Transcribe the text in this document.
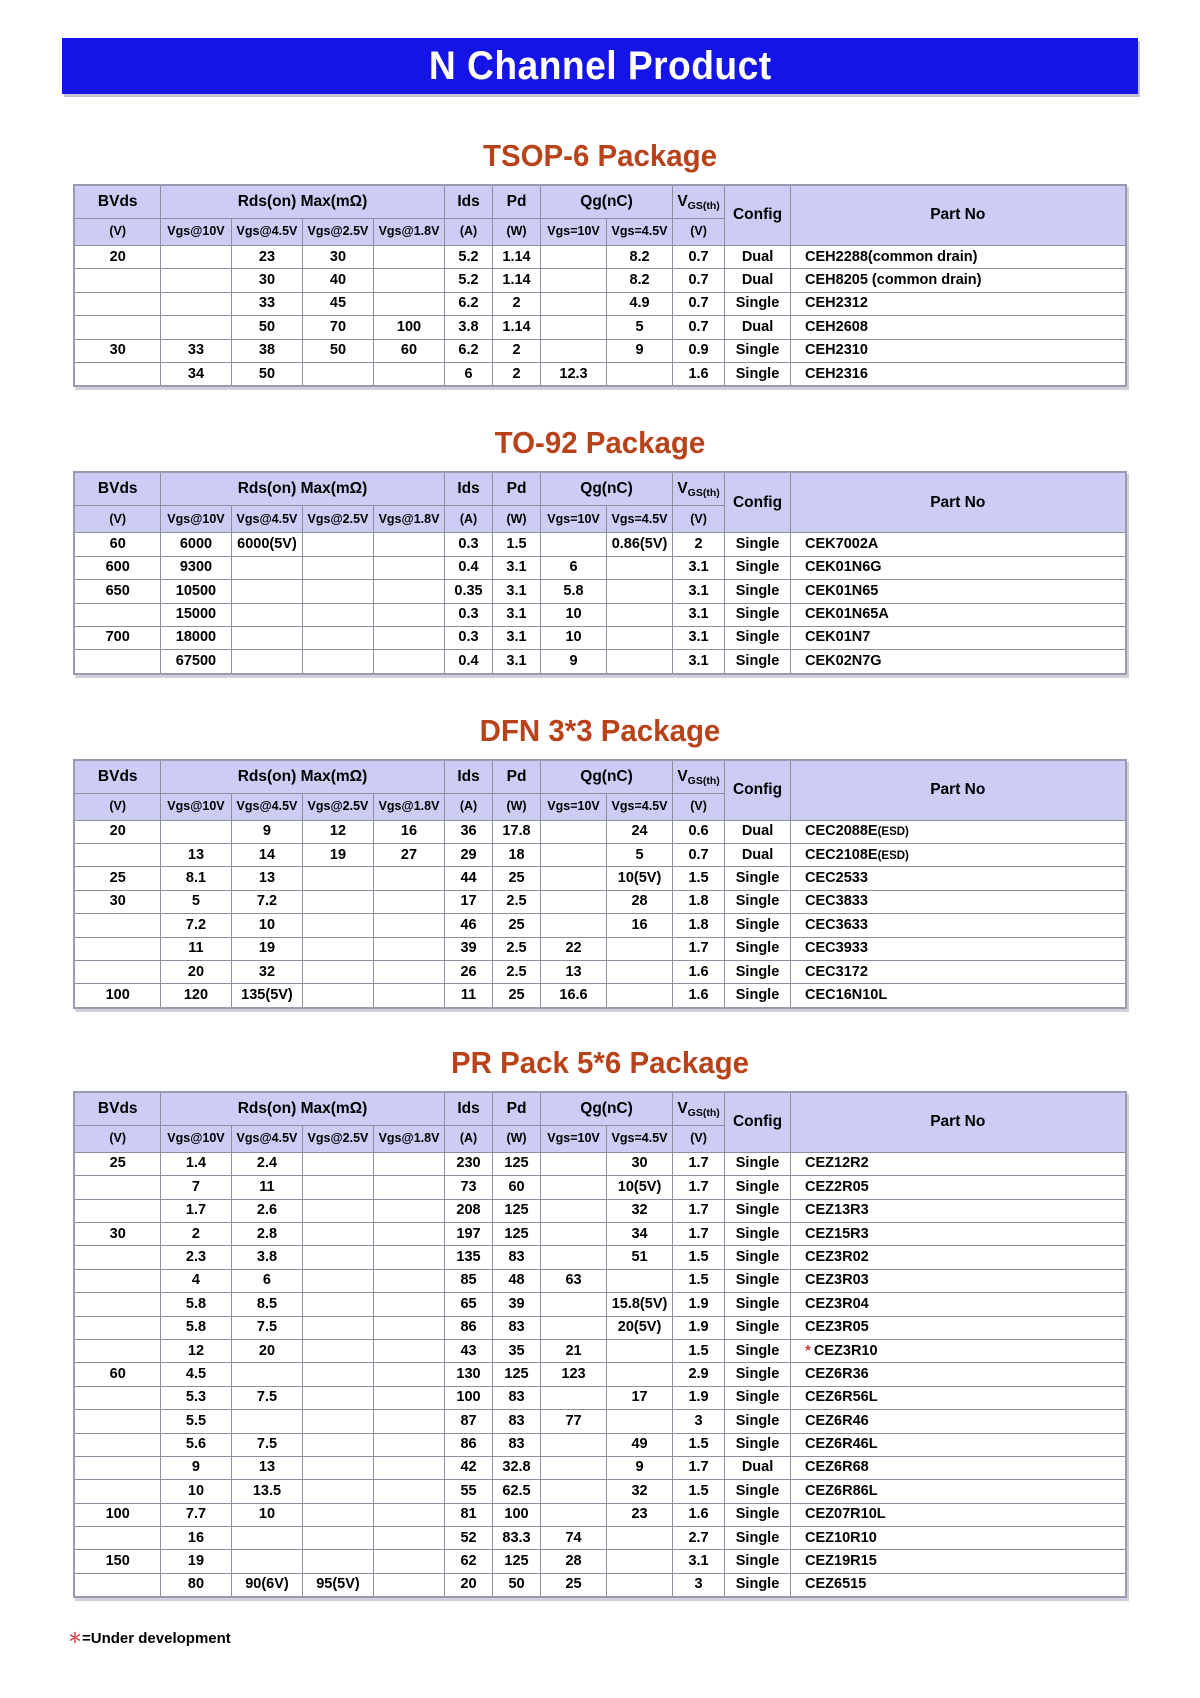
N Channel Product
TSOP-6 Package
BVds	Rds(on) Max(mΩ)				Ids	Pd	Qg(nC)		VGS(th)	Config	Part No
(V)	Vgs@10V	Vgs@4.5V	Vgs@2.5V	Vgs@1.8V	(A)	(W)	Vgs=10V	Vgs=4.5V	(V)		
20		23	30		5.2	1.14		8.2	0.7	Dual	CEH2288(common drain)
		30	40		5.2	1.14		8.2	0.7	Dual	CEH8205 (common drain)
		33	45		6.2	2		4.9	0.7	Single	CEH2312
		50	70	100	3.8	1.14		5	0.7	Dual	CEH2608
30	33	38	50	60	6.2	2		9	0.9	Single	CEH2310
	34	50			6	2	12.3		1.6	Single	CEH2316
TO-92 Package
BVds	Rds(on) Max(mΩ)				Ids	Pd	Qg(nC)		VGS(th)	Config	Part No
(V)	Vgs@10V	Vgs@4.5V	Vgs@2.5V	Vgs@1.8V	(A)	(W)	Vgs=10V	Vgs=4.5V	(V)		
60	6000	6000(5V)			0.3	1.5		0.86(5V)	2	Single	CEK7002A
600	9300				0.4	3.1	6		3.1	Single	CEK01N6G
650	10500				0.35	3.1	5.8		3.1	Single	CEK01N65
	15000				0.3	3.1	10		3.1	Single	CEK01N65A
700	18000				0.3	3.1	10		3.1	Single	CEK01N7
	67500				0.4	3.1	9		3.1	Single	CEK02N7G
DFN 3*3 Package
BVds	Rds(on) Max(mΩ)				Ids	Pd	Qg(nC)		VGS(th)	Config	Part No
(V)	Vgs@10V	Vgs@4.5V	Vgs@2.5V	Vgs@1.8V	(A)	(W)	Vgs=10V	Vgs=4.5V	(V)		
20		9	12	16	36	17.8		24	0.6	Dual	CEC2088E(ESD)
	13	14	19	27	29	18		5	0.7	Dual	CEC2108E(ESD)
25	8.1	13			44	25		10(5V)	1.5	Single	CEC2533
30	5	7.2			17	2.5		28	1.8	Single	CEC3833
	7.2	10			46	25		16	1.8	Single	CEC3633
	11	19			39	2.5	22		1.7	Single	CEC3933
	20	32			26	2.5	13		1.6	Single	CEC3172
100	120	135(5V)			11	25	16.6		1.6	Single	CEC16N10L
PR Pack 5*6 Package
BVds	Rds(on) Max(mΩ)				Ids	Pd	Qg(nC)		VGS(th)	Config	Part No
(V)	Vgs@10V	Vgs@4.5V	Vgs@2.5V	Vgs@1.8V	(A)	(W)	Vgs=10V	Vgs=4.5V	(V)		
25	1.4	2.4			230	125		30	1.7	Single	CEZ12R2
	7	11			73	60		10(5V)	1.7	Single	CEZ2R05
	1.7	2.6			208	125		32	1.7	Single	CEZ13R3
30	2	2.8			197	125		34	1.7	Single	CEZ15R3
	2.3	3.8			135	83		51	1.5	Single	CEZ3R02
	4	6			85	48	63		1.5	Single	CEZ3R03
	5.8	8.5			65	39		15.8(5V)	1.9	Single	CEZ3R04
	5.8	7.5			86	83		20(5V)	1.9	Single	CEZ3R05
	12	20			43	35	21		1.5	Single	* CEZ3R10
60	4.5				130	125	123		2.9	Single	CEZ6R36
	5.3	7.5			100	83		17	1.9	Single	CEZ6R56L
	5.5				87	83	77		3	Single	CEZ6R46
	5.6	7.5			86	83		49	1.5	Single	CEZ6R46L
	9	13			42	32.8		9	1.7	Dual	CEZ6R68
	10	13.5			55	62.5		32	1.5	Single	CEZ6R86L
100	7.7	10			81	100		23	1.6	Single	CEZ07R10L
	16				52	83.3	74		2.7	Single	CEZ10R10
150	19				62	125	28		3.1	Single	CEZ19R15
	80	90(6V)	95(5V)		20	50	25		3	Single	CEZ6515
＊=Under development
